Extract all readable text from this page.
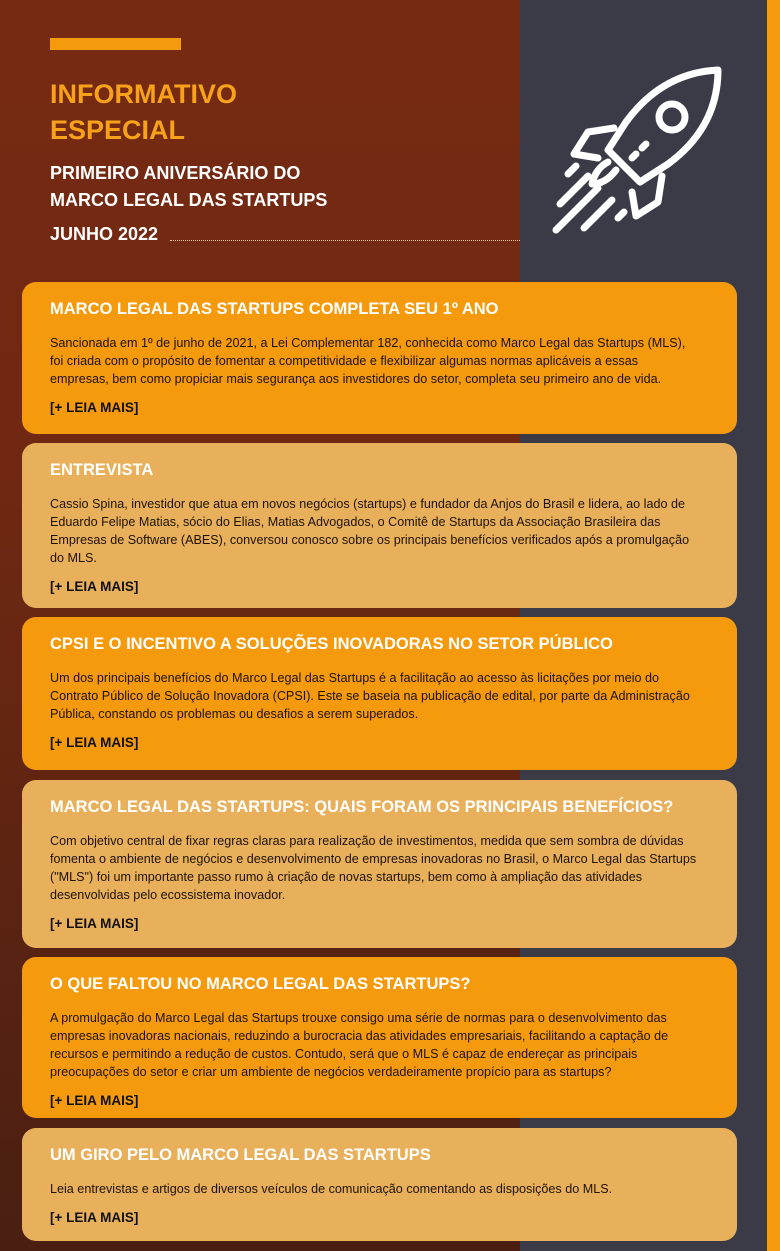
INFORMATIVO
ESPECIAL
PRIMEIRO ANIVERSÁRIO DO
MARCO LEGAL DAS STARTUPS
JUNHO 2022
MARCO LEGAL DAS STARTUPS COMPLETA SEU 1º ANO

Sancionada em 1º de junho de 2021, a Lei Complementar 182, conhecida como Marco Legal das Startups (MLS), foi criada com o propósito de fomentar a competitividade e flexibilizar algumas normas aplicáveis a essas empresas, bem como propiciar mais segurança aos investidores do setor, completa seu primeiro ano de vida.

[+ LEIA MAIS]
ENTREVISTA

Cassio Spina, investidor que atua em novos negócios (startups) e fundador da Anjos do Brasil e lidera, ao lado de Eduardo Felipe Matias, sócio do Elias, Matias Advogados, o Comitê de Startups da Associação Brasileira das Empresas de Software (ABES), conversou conosco sobre os principais benefícios verificados após a promulgação do MLS.

[+ LEIA MAIS]
CPSI E O INCENTIVO A SOLUÇÕES INOVADORAS NO SETOR PÚBLICO

Um dos principais benefícios do Marco Legal das Startups é a facilitação ao acesso às licitações por meio do Contrato Público de Solução Inovadora (CPSI). Este se baseia na publicação de edital, por parte da Administração Pública, constando os problemas ou desafios a serem superados.

[+ LEIA MAIS]
MARCO LEGAL DAS STARTUPS: QUAIS FORAM OS PRINCIPAIS BENEFÍCIOS?

Com objetivo central de fixar regras claras para realização de investimentos, medida que sem sombra de dúvidas fomenta o ambiente de negócios e desenvolvimento de empresas inovadoras no Brasil, o Marco Legal das Startups ("MLS") foi um importante passo rumo à criação de novas startups, bem como à ampliação das atividades desenvolvidas pelo ecossistema inovador.

[+ LEIA MAIS]
O QUE FALTOU NO MARCO LEGAL DAS STARTUPS?

A promulgação do Marco Legal das Startups trouxe consigo uma série de normas para o desenvolvimento das empresas inovadoras nacionais, reduzindo a burocracia das atividades empresariais, facilitando a captação de recursos e permitindo a redução de custos. Contudo, será que o MLS é capaz de endereçar as principais preocupações do setor e criar um ambiente de negócios verdadeiramente propício para as startups?

[+ LEIA MAIS]
UM GIRO PELO MARCO LEGAL DAS STARTUPS

Leia entrevistas e artigos de diversos veículos de comunicação comentando as disposições do MLS.

[+ LEIA MAIS]
